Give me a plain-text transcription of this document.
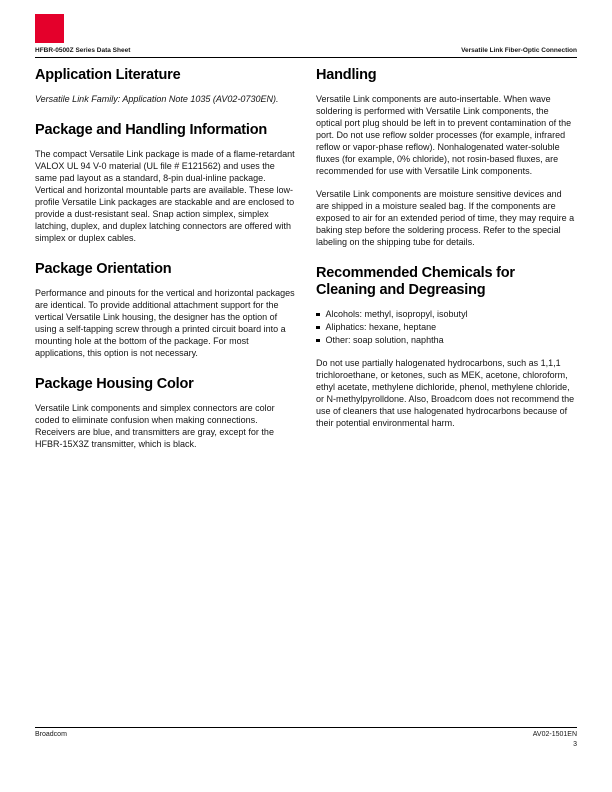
HFBR-0500Z Series Data Sheet	Versatile Link Fiber-Optic Connection
Application Literature

Versatile Link Family: Application Note 1035 (AV02-0730EN).

Package and Handling Information

The compact Versatile Link package is made of a flame-retardant VALOX UL 94 V-0 material (UL file # E121562) and uses the same pad layout as a standard, 8-pin dual-inline package. Vertical and horizontal mountable parts are available. These low-profile Versatile Link packages are stackable and are enclosed to provide a dust-resistant seal. Snap action simplex, simplex latching, duplex, and duplex latching connectors are offered with simplex or duplex cables.

Package Orientation

Performance and pinouts for the vertical and horizontal packages are identical. To provide additional attachment support for the vertical Versatile Link housing, the designer has the option of using a self-tapping screw through a printed circuit board into a mounting hole at the bottom of the package. For most applications, this option is not necessary.

Package Housing Color

Versatile Link components and simplex connectors are color coded to eliminate confusion when making connections. Receivers are blue, and transmitters are gray, except for the HFBR-15X3Z transmitter, which is black.

Handling

Versatile Link components are auto-insertable. When wave soldering is performed with Versatile Link components, the optical port plug should be left in to prevent contamination of the port. Do not use reflow solder processes (for example, infrared reflow or vapor-phase reflow). Nonhalogenated water-soluble fluxes (for example, 0% chloride), not rosin-based fluxes, are recommended for use with Versatile Link components.

Versatile Link components are moisture sensitive devices and are shipped in a moisture sealed bag. If the components are exposed to air for an extended period of time, they may require a baking step before the soldering process. Refer to the special labeling on the shipping tube for details.

Recommended Chemicals for Cleaning and Degreasing
Alcohols: methyl, isopropyl, isobutyl
Aliphatics: hexane, heptane
Other: soap solution, naphtha

Do not use partially halogenated hydrocarbons, such as 1,1,1 trichloroethane, or ketones, such as MEK, acetone, chloroform, ethyl acetate, methylene dichloride, phenol, methylene chloride, or N-methylpyrolldone. Also, Broadcom does not recommend the use of cleaners that use halogenated hydrocarbons because of their potential environmental harm.

Broadcom	AV02-1501EN
3
